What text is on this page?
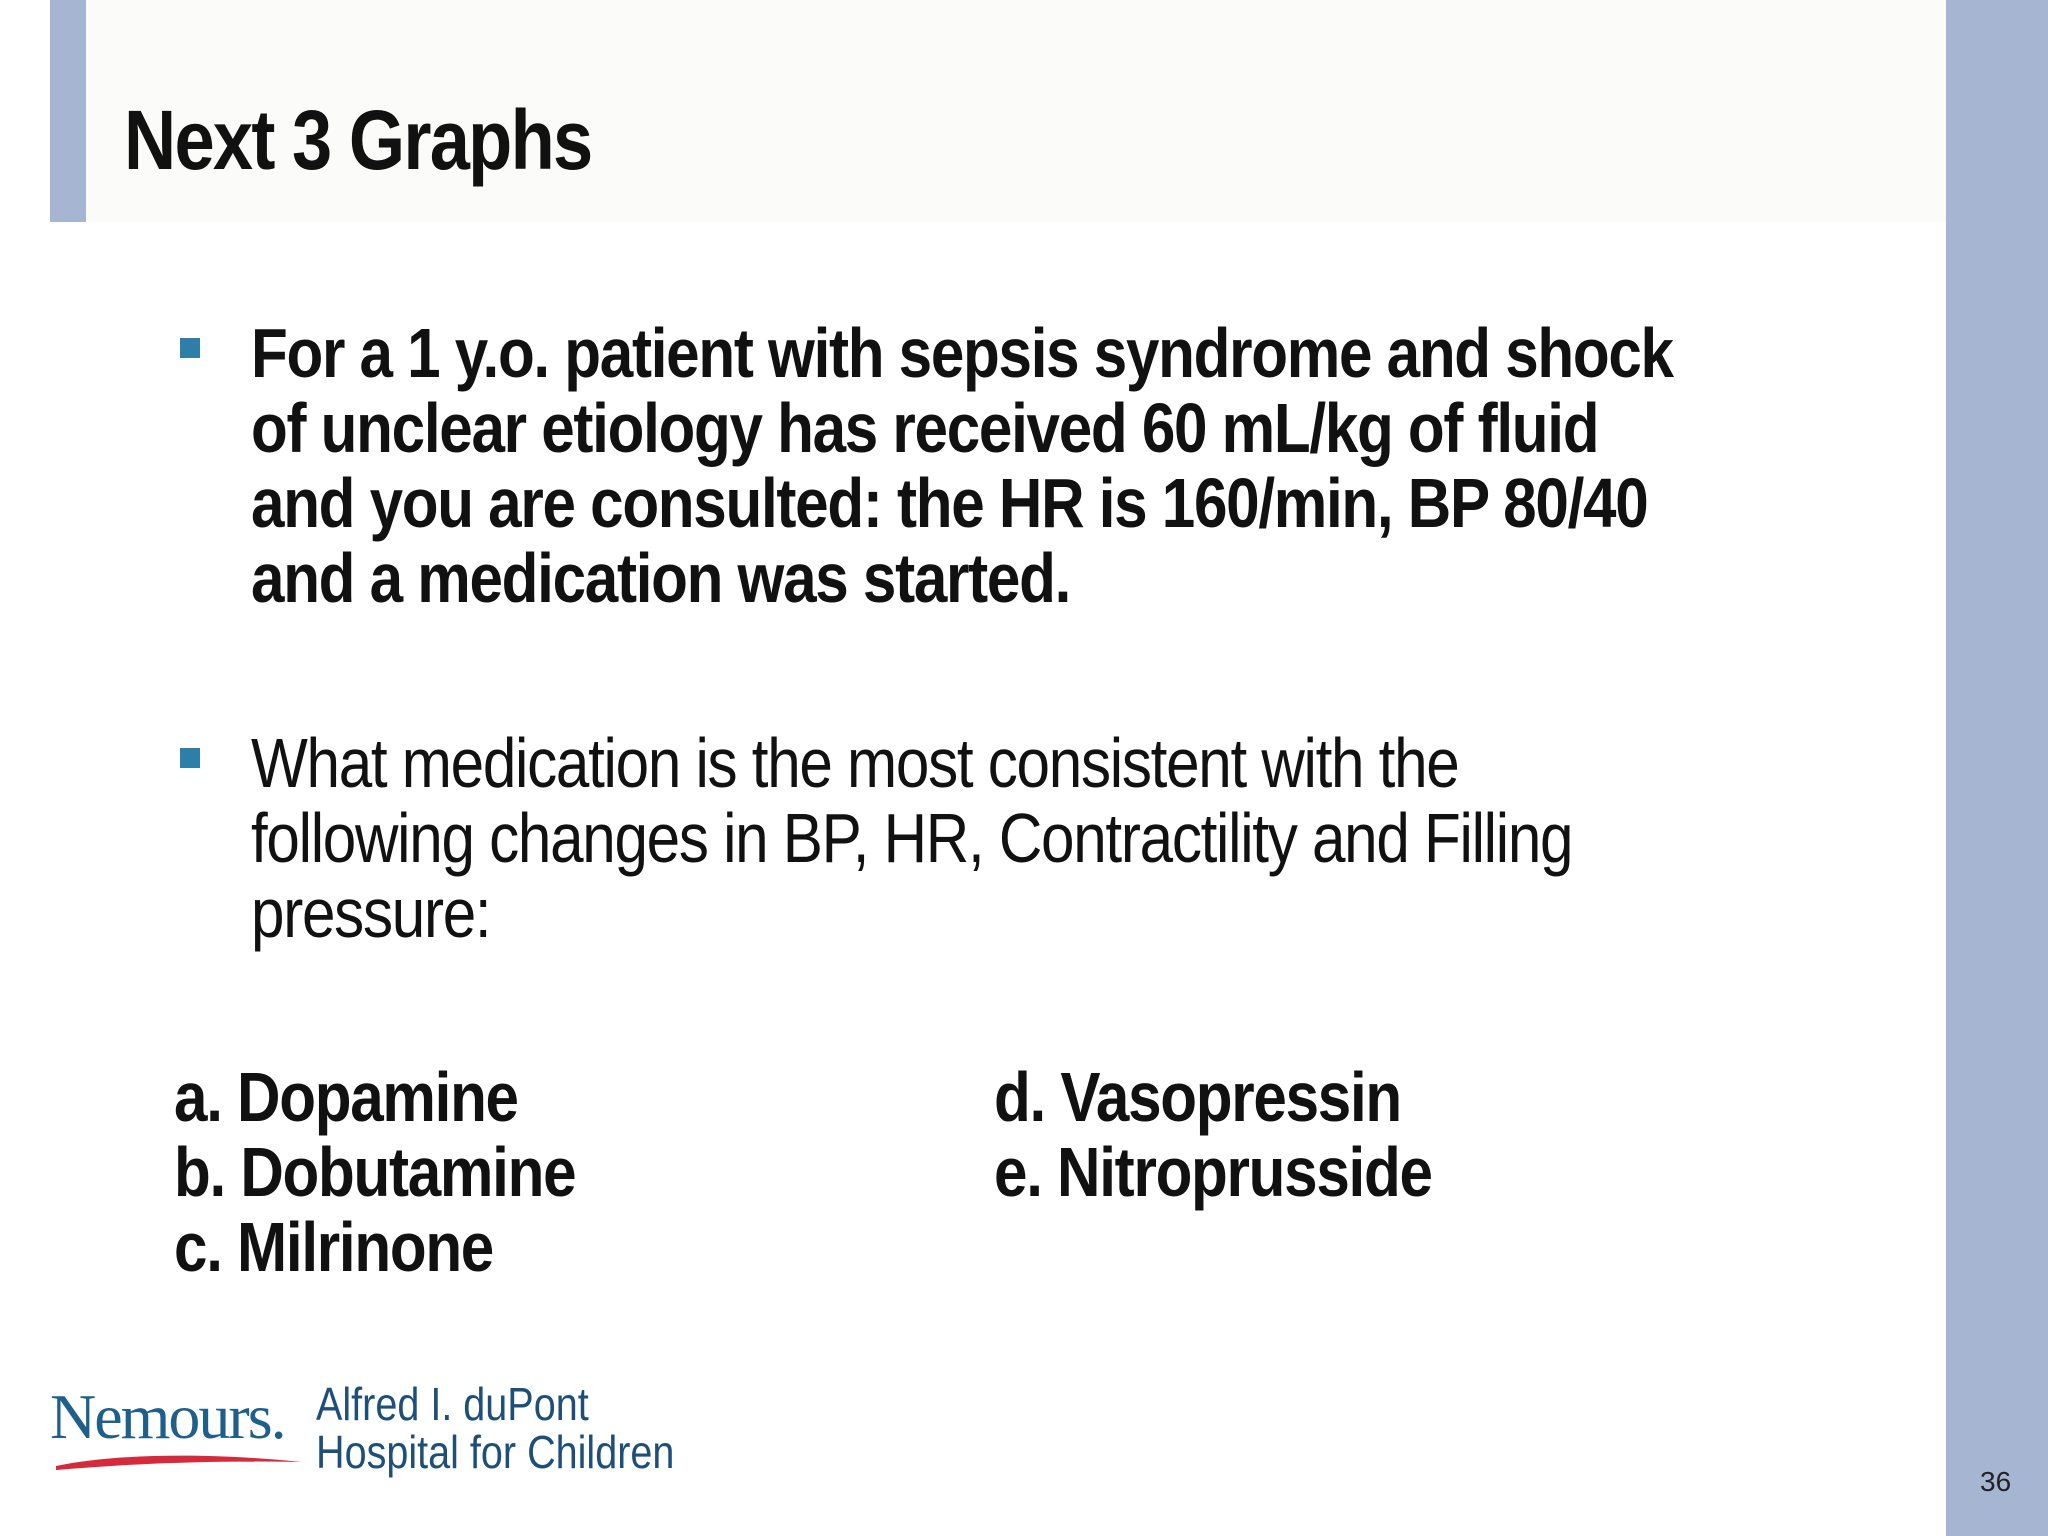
Next 3 Graphs

For a 1 y.o. patient with sepsis syndrome and shock of unclear etiology has received 60 mL/kg of fluid and you are consulted: the HR is 160/min, BP 80/40 and a medication was started.

What medication is the most consistent with the following changes in BP, HR, Contractility and Filling pressure:

a. Dopamine
b. Dobutamine
c. Milrinone
d. Vasopressin
e. Nitroprusside
Nemours. Alfred I. duPont
Hospital for Children
36
